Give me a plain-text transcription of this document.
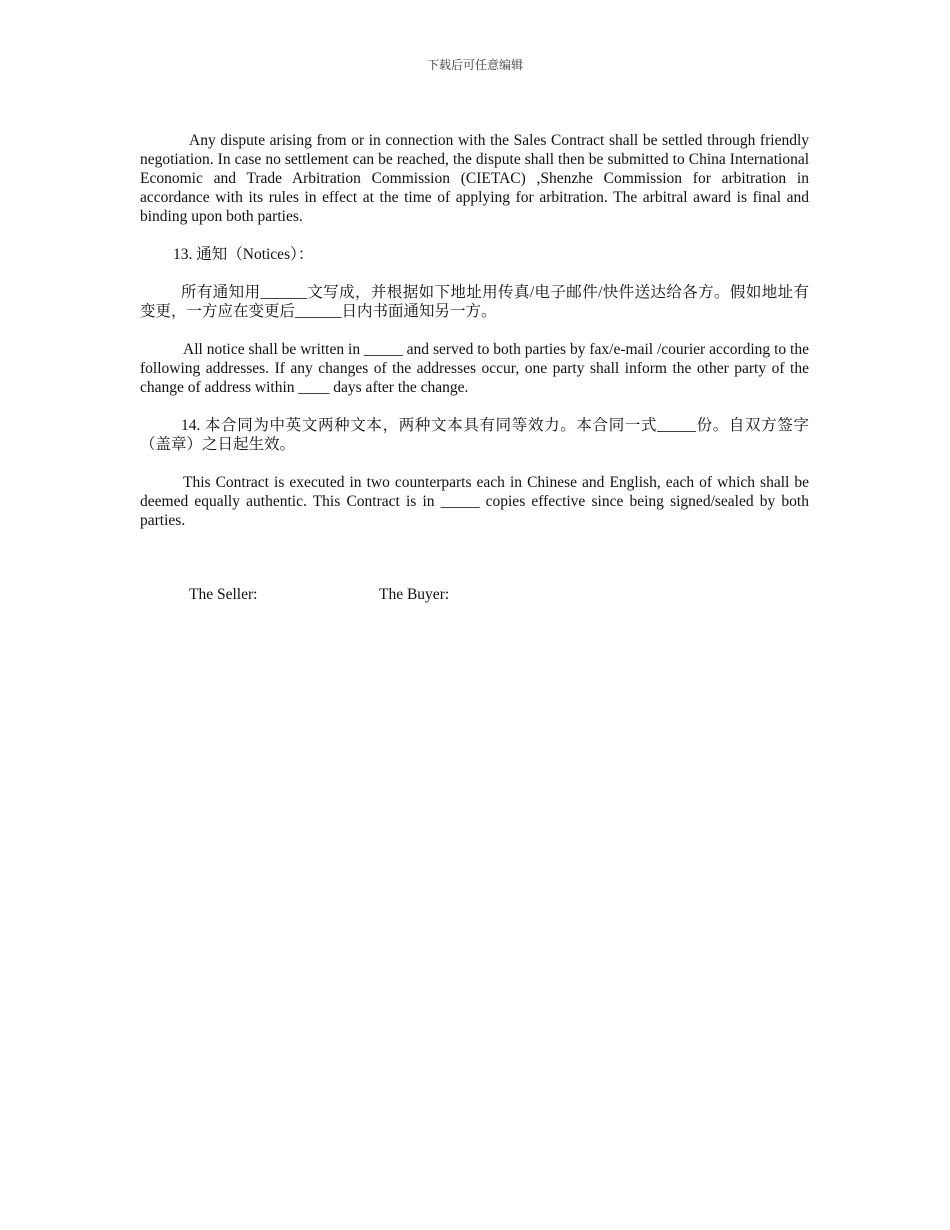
下载后可任意编辑

Any dispute arising from or in connection with the Sales Contract shall be settled through friendly negotiation. In case no settlement can be reached, the dispute shall then be submitted to China International Economic and Trade Arbitration Commission (CIETAC) ,Shenzhe Commission for arbitration in accordance with its rules in effect at the time of applying for arbitration. The arbitral award is final and binding upon both parties.

13. 通知（Notices）：

所有通知用______文写成，并根据如下地址用传真/电子邮件/快件送达给各方。假如地址有变更，一方应在变更后______日内书面通知另一方。

All notice shall be written in _____ and served to both parties by fax/e-mail /courier according to the following addresses. If any changes of the addresses occur, one party shall inform the other party of the change of address within ____ days after the change.

14. 本合同为中英文两种文本，两种文本具有同等效力。本合同一式_____份。自双方签字（盖章）之日起生效。

This Contract is executed in two counterparts each in Chinese and English, each of which shall be deemed equally authentic. This Contract is in _____ copies effective since being signed/sealed by both parties.

The Seller:	The Buyer:
